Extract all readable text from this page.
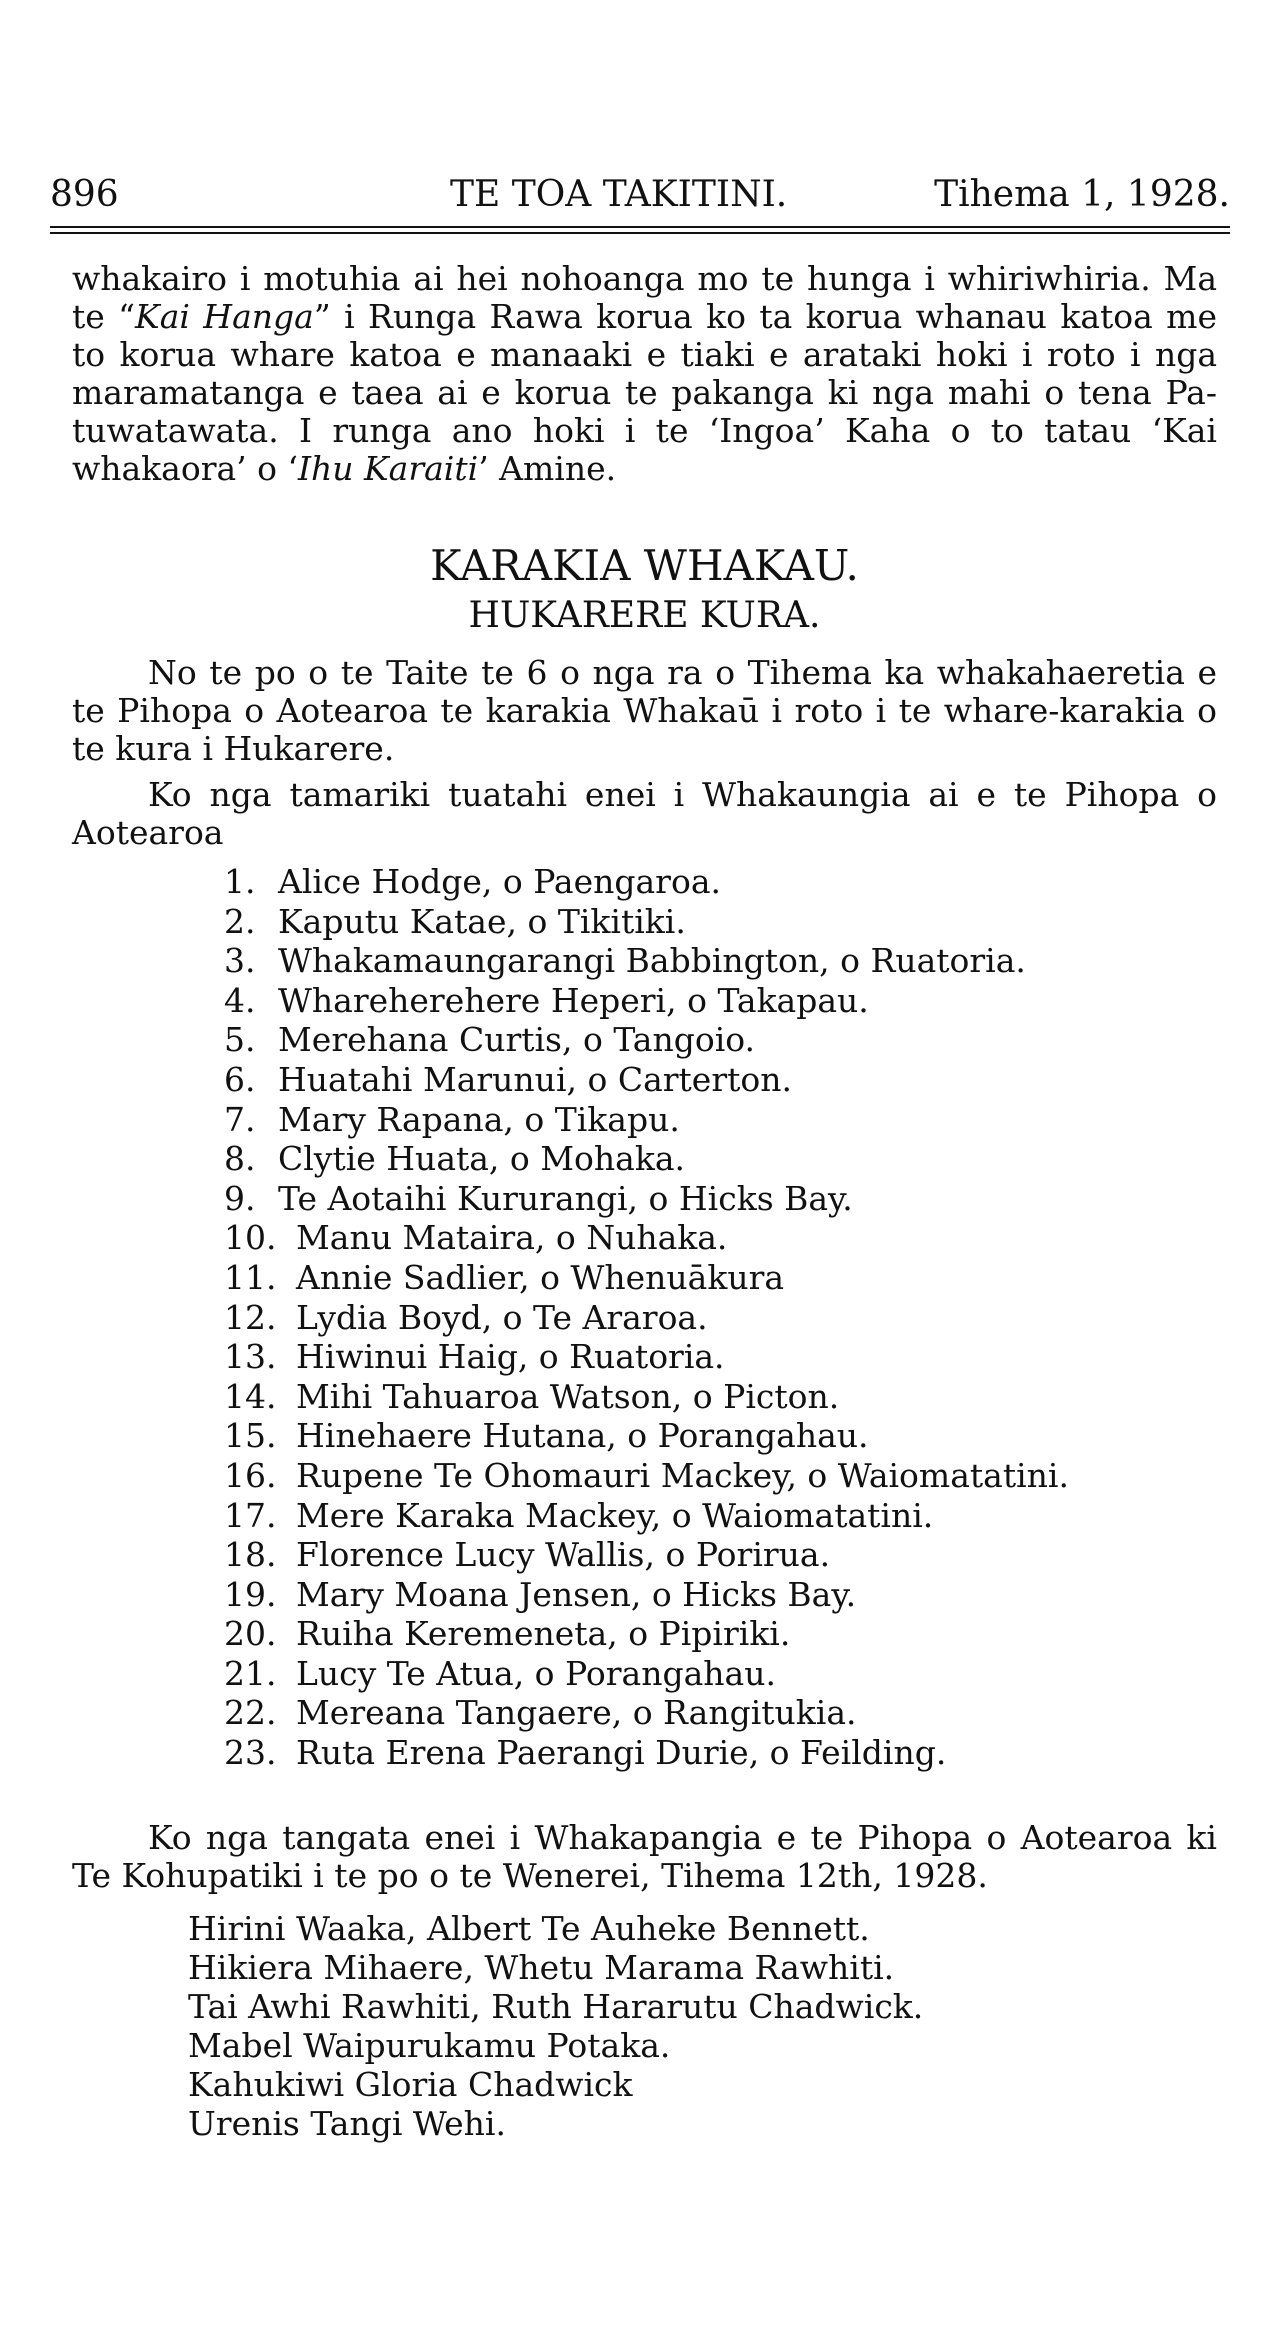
896	TE TOA TAKITINI.	Tihema 1, 1928.

whakairo i motuhia ai hei nohoanga mo te hunga i whiriwhiria. Ma te “Kai Hanga” i Runga Rawa korua ko ta korua whanau katoa me to korua whare katoa e manaaki e tiaki e arataki hoki i roto i nga maramatanga e taea ai e korua te pakanga ki nga mahi o tena Pa-tuwatawata. I runga ano hoki i te ‘Ingoa’ Kaha o to tatau ‘Kai whakaora’ o ‘Ihu Karaiti’ Amine.

KARAKIA WHAKAU.
HUKARERE KURA.

No te po o te Taite te 6 o nga ra o Tihema ka whakahaeretia e te Pihopa o Aotearoa te karakia Whakaū i roto i te whare-karakia o te kura i Hukarere.

Ko nga tamariki tuatahi enei i Whakaungia ai e te Pihopa o Aotearoa

1. Alice Hodge, o Paengaroa.
2. Kaputu Katae, o Tikitiki.
3. Whakamaungarangi Babbington, o Ruatoria.
4. Whareherehere Heperi, o Takapau.
5. Merehana Curtis, o Tangoio.
6. Huatahi Marunui, o Carterton.
7. Mary Rapana, o Tikapu.
8. Clytie Huata, o Mohaka.
9. Te Aotaihi Kururangi, o Hicks Bay.
10. Manu Mataira, o Nuhaka.
11. Annie Sadlier, o Whenuākura
12. Lydia Boyd, o Te Araroa.
13. Hiwinui Haig, o Ruatoria.
14. Mihi Tahuaroa Watson, o Picton.
15. Hinehaere Hutana, o Porangahau.
16. Rupene Te Ohomauri Mackey, o Waiomatatini.
17. Mere Karaka Mackey, o Waiomatatini.
18. Florence Lucy Wallis, o Porirua.
19. Mary Moana Jensen, o Hicks Bay.
20. Ruiha Keremeneta, o Pipiriki.
21. Lucy Te Atua, o Porangahau.
22. Mereana Tangaere, o Rangitukia.
23. Ruta Erena Paerangi Durie, o Feilding.

Ko nga tangata enei i Whakapangia e te Pihopa o Aotearoa ki Te Kohupatiki i te po o te Wenerei, Tihema 12th, 1928.

Hirini Waaka, Albert Te Auheke Bennett.
Hikiera Mihaere, Whetu Marama Rawhiti.
Tai Awhi Rawhiti, Ruth Hararutu Chadwick.
Mabel Waipurukamu Potaka.
Kahukiwi Gloria Chadwick
Urenis Tangi Wehi.
